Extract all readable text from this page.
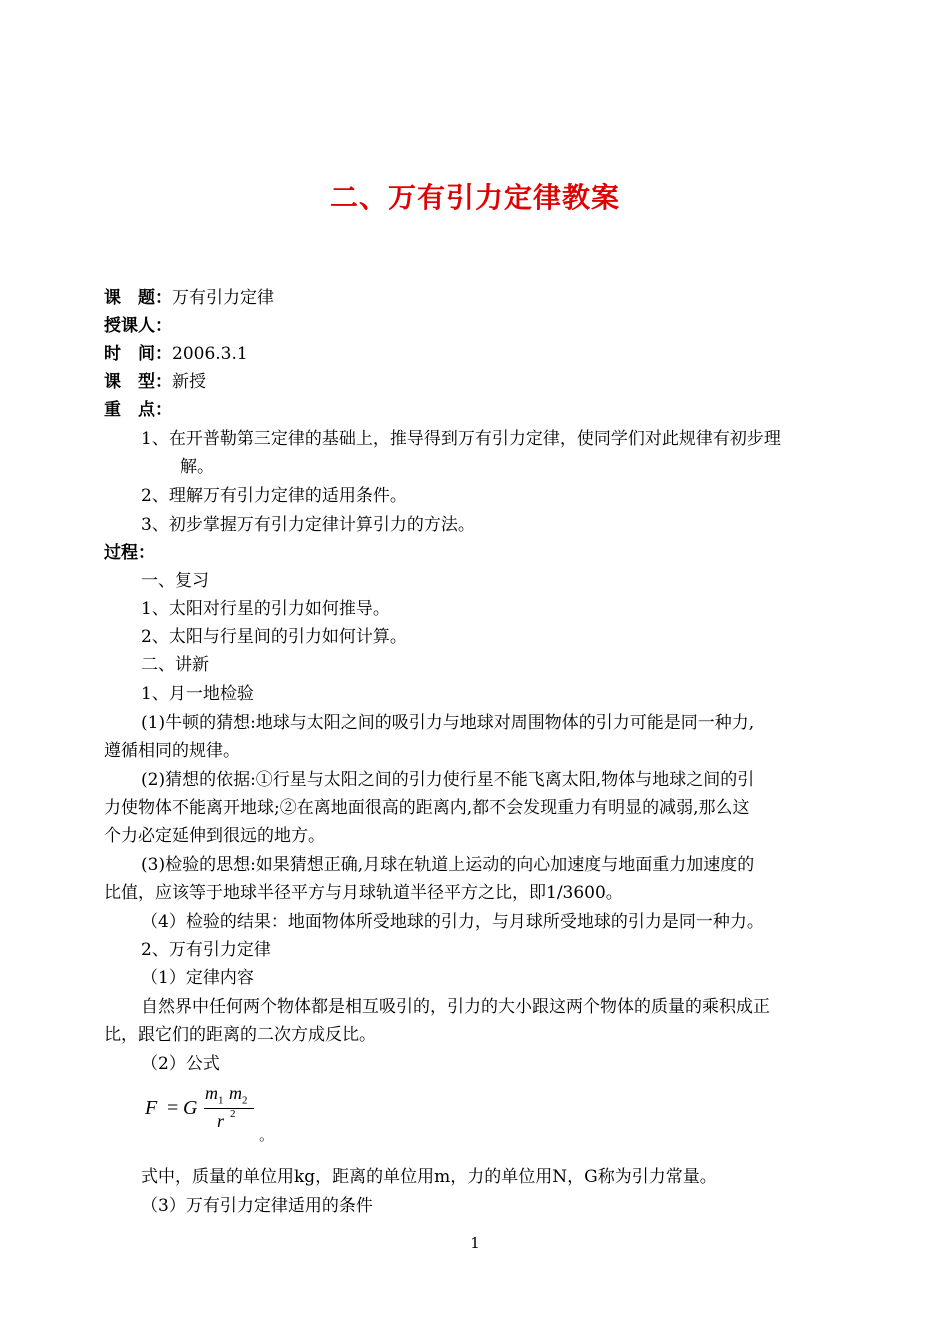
二、万有引力定律教案
课　题：万有引力定律
授课人：
时　间：2006.3.1
课　型：新授
重　点：
1、在开普勒第三定律的基础上，推导得到万有引力定律，使同学们对此规律有初步理
解。
2、理解万有引力定律的适用条件。
3、初步掌握万有引力定律计算引力的方法。
过程：
一、复习
1、太阳对行星的引力如何推导。
2、太阳与行星间的引力如何计算。
二、讲新
1、月一地检验
(1)牛顿的猜想:地球与太阳之间的吸引力与地球对周围物体的引力可能是同一种力,
遵循相同的规律。
(2)猜想的依据:①行星与太阳之间的引力使行星不能飞离太阳,物体与地球之间的引
力使物体不能离开地球;②在离地面很高的距离内,都不会发现重力有明显的减弱,那么这
个力必定延伸到很远的地方。
(3)检验的思想:如果猜想正确,月球在轨道上运动的向心加速度与地面重力加速度的
比值，应该等于地球半径平方与月球轨道半径平方之比，即1/3600。
（4）检验的结果：地面物体所受地球的引力，与月球所受地球的引力是同一种力。
2、万有引力定律
（1）定律内容
自然界中任何两个物体都是相互吸引的，引力的大小跟这两个物体的质量的乘积成正
比，跟它们的距离的二次方成反比。
（2）公式
F = G
$m_1$ $m_2$
r 2
。
式中，质量的单位用kg，距离的单位用m，力的单位用N，G称为引力常量。
（3）万有引力定律适用的条件
1
